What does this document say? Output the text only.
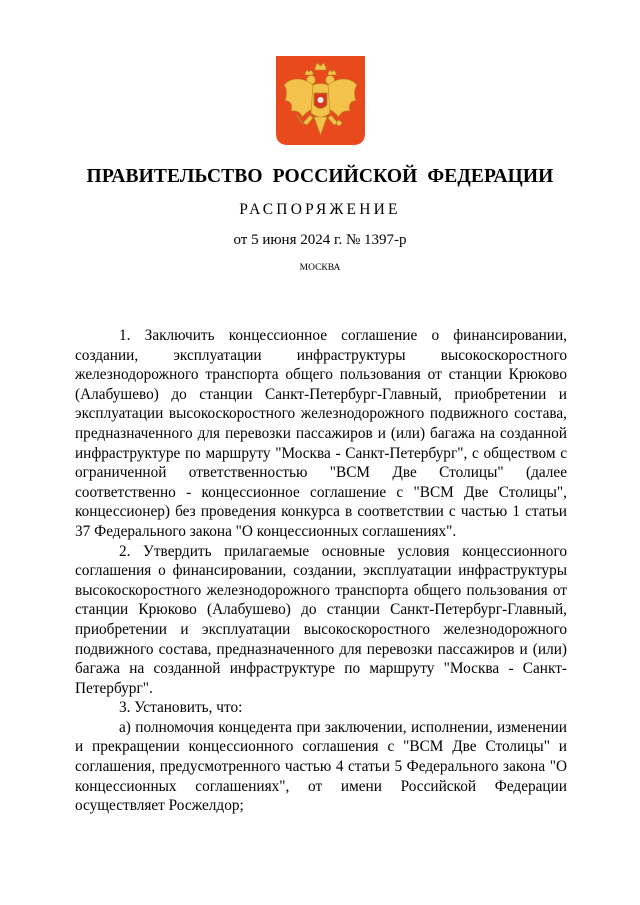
ПРАВИТЕЛЬСТВО РОССИЙСКОЙ ФЕДЕРАЦИИ
РАСПОРЯЖЕНИЕ
от 5 июня 2024 г. № 1397-р
МОСКВА

1. Заключить концессионное соглашение о финансировании, создании, эксплуатации инфраструктуры высокоскоростного железнодорожного транспорта общего пользования от станции Крюково (Алабушево) до станции Санкт-Петербург-Главный, приобретении и эксплуатации высокоскоростного железнодорожного подвижного состава, предназначенного для перевозки пассажиров и (или) багажа на созданной инфраструктуре по маршруту "Москва - Санкт-Петербург", с обществом с ограниченной ответственностью "ВСМ Две Столицы" (далее соответственно - концессионное соглашение с "ВСМ Две Столицы", концессионер) без проведения конкурса в соответствии с частью 1 статьи 37 Федерального закона "О концессионных соглашениях".

2. Утвердить прилагаемые основные условия концессионного соглашения о финансировании, создании, эксплуатации инфраструктуры высокоскоростного железнодорожного транспорта общего пользования от станции Крюково (Алабушево) до станции Санкт-Петербург-Главный, приобретении и эксплуатации высокоскоростного железнодорожного подвижного состава, предназначенного для перевозки пассажиров и (или) багажа на созданной инфраструктуре по маршруту "Москва - Санкт-Петербург".

3. Установить, что:

а) полномочия концедента при заключении, исполнении, изменении и прекращении концессионного соглашения с "ВСМ Две Столицы" и соглашения, предусмотренного частью 4 статьи 5 Федерального закона "О концессионных соглашениях", от имени Российской Федерации осуществляет Росжелдор;
